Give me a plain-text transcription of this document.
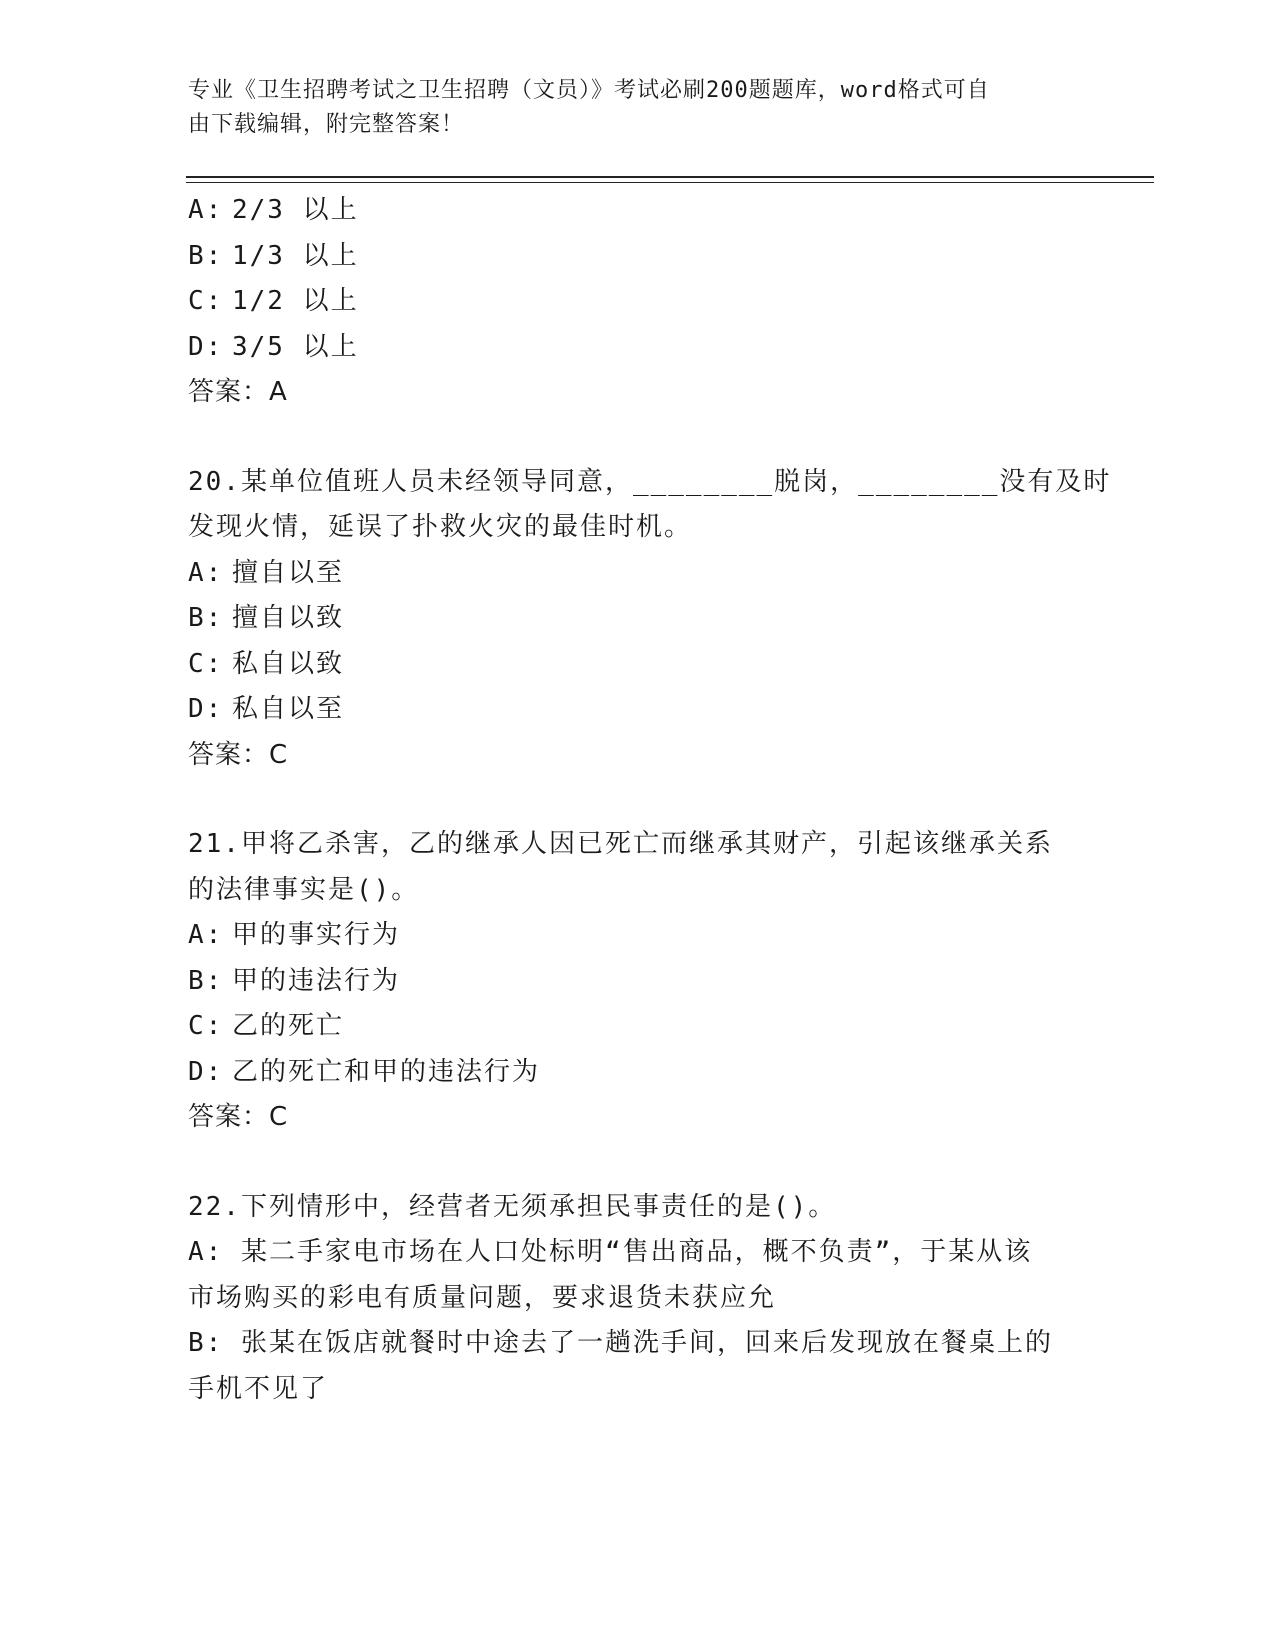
专业《卫生招聘考试之卫生招聘（文员）》考试必刷200题题库，word格式可自
由下载编辑，附完整答案！
A: 2/3 以上
B: 1/3 以上
C: 1/2 以上
D: 3/5 以上
答案：A
20.某单位值班人员未经领导同意，________脱岗，________没有及时
发现火情，延误了扑救火灾的最佳时机。
A: 擅自以至
B: 擅自以致
C: 私自以致
D: 私自以至
答案：C
21.甲将乙杀害，乙的继承人因已死亡而继承其财产，引起该继承关系
的法律事实是()。
A: 甲的事实行为
B: 甲的违法行为
C: 乙的死亡
D: 乙的死亡和甲的违法行为
答案：C
22.下列情形中，经营者无须承担民事责任的是()。
A: 某二手家电市场在人口处标明“售出商品，概不负责”，于某从该
市场购买的彩电有质量问题，要求退货未获应允
B: 张某在饭店就餐时中途去了一趟洗手间，回来后发现放在餐桌上的
手机不见了
